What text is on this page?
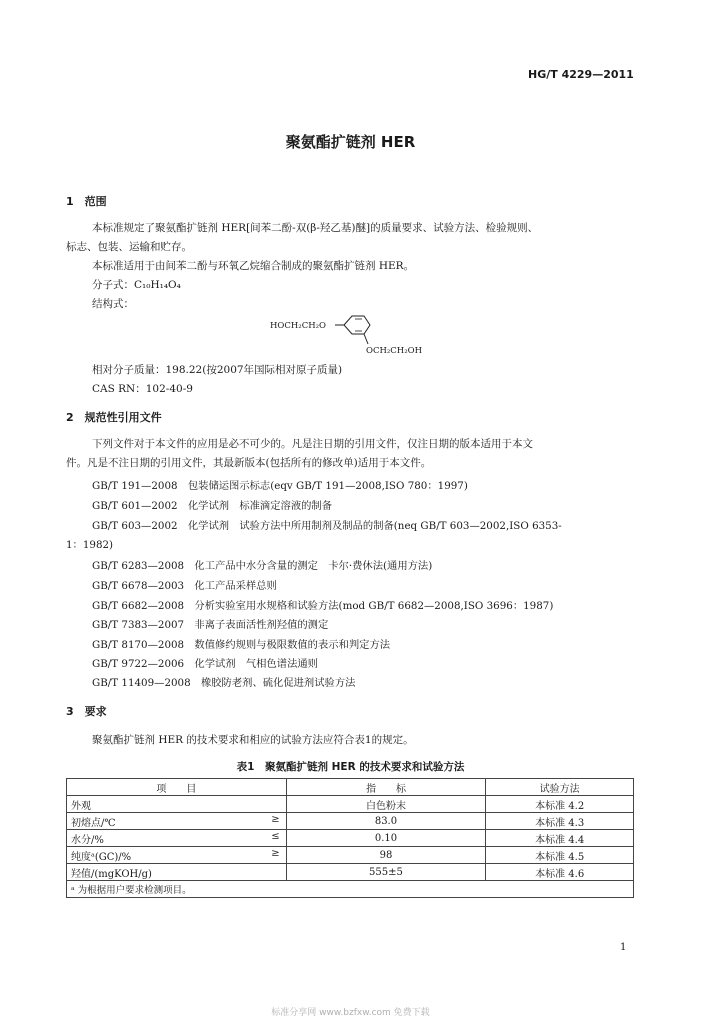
HG/T 4229—2011
聚氨酯扩链剂 HER
1　范围
本标准规定了聚氨酯扩链剂 HER[间苯二酚-双(β-羟乙基)醚]的质量要求、试验方法、检验规则、
标志、包装、运输和贮存。
本标准适用于由间苯二酚与环氧乙烷缩合制成的聚氨酯扩链剂 HER。
分子式：C₁₀H₁₄O₄
结构式：
HOCH₂CH₂O
OCH₂CH₂OH
相对分子质量：198.22(按2007年国际相对原子质量)
CAS RN：102-40-9
2　规范性引用文件
下列文件对于本文件的应用是必不可少的。凡是注日期的引用文件，仅注日期的版本适用于本文
件。凡是不注日期的引用文件，其最新版本(包括所有的修改单)适用于本文件。
GB/T 191—2008　包装储运图示标志(eqv GB/T 191—2008,ISO 780：1997)
GB/T 601—2002　化学试剂　标准滴定溶液的制备
GB/T 603—2002　化学试剂　试验方法中所用制剂及制品的制备(neq GB/T 603—2002,ISO 6353-
1：1982)
GB/T 6283—2008　化工产品中水分含量的测定　卡尔·费休法(通用方法)
GB/T 6678—2003　化工产品采样总则
GB/T 6682—2008　分析实验室用水规格和试验方法(mod GB/T 6682—2008,ISO 3696：1987)
GB/T 7383—2007　非离子表面活性剂羟值的测定
GB/T 8170—2008　数值修约规则与极限数值的表示和判定方法
GB/T 9722—2006　化学试剂　气相色谱法通则
GB/T 11409—2008　橡胶防老剂、硫化促进剂试验方法
3　要求
聚氨酯扩链剂 HER 的技术要求和相应的试验方法应符合表1的规定。
表1　聚氨酯扩链剂 HER 的技术要求和试验方法
项　　目	指　　标	试验方法
外观	白色粉末	本标准 4.2
初熔点/℃ ≥	83.0	本标准 4.3
水分/% ≤	0.10	本标准 4.4
纯度ᵃ(GC)/% ≥	98	本标准 4.5
羟值/(mgKOH/g)	555±5	本标准 4.6
ᵃ 为根据用户要求检测项目。		
1
标准分享网 www.bzfxw.com 免费下载
